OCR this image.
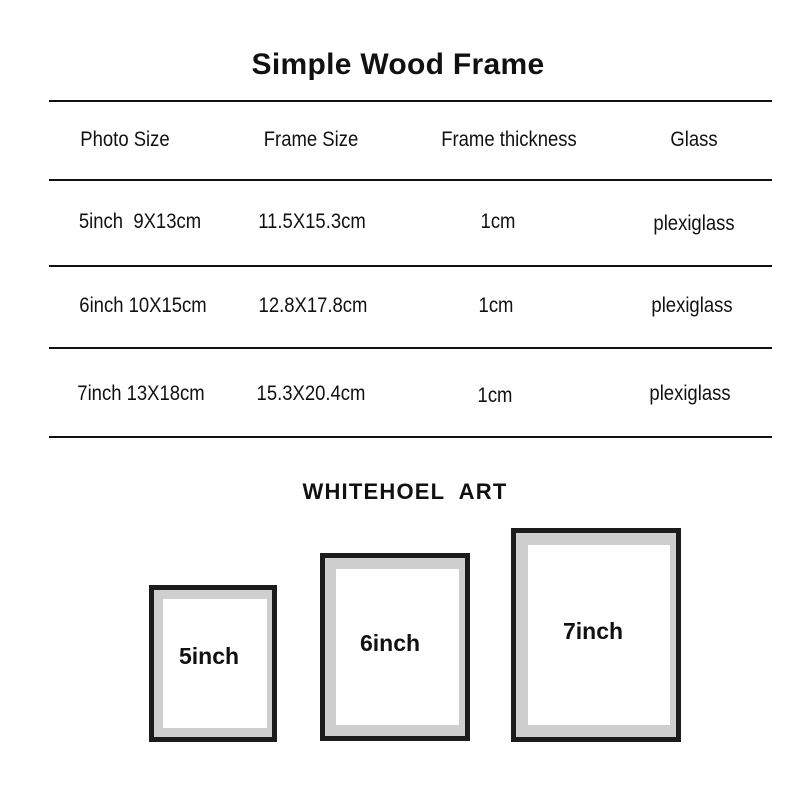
Simple Wood Frame
Photo Size	Frame Size	Frame thickness	Glass
5inch  9X13cm	11.5X15.3cm	1cm	plexiglass
6inch 10X15cm	12.8X17.8cm	1cm	plexiglass
7inch 13X18cm	15.3X20.4cm	1cm	plexiglass
WHITEHOEL  ART
5inch	6inch	7inch
